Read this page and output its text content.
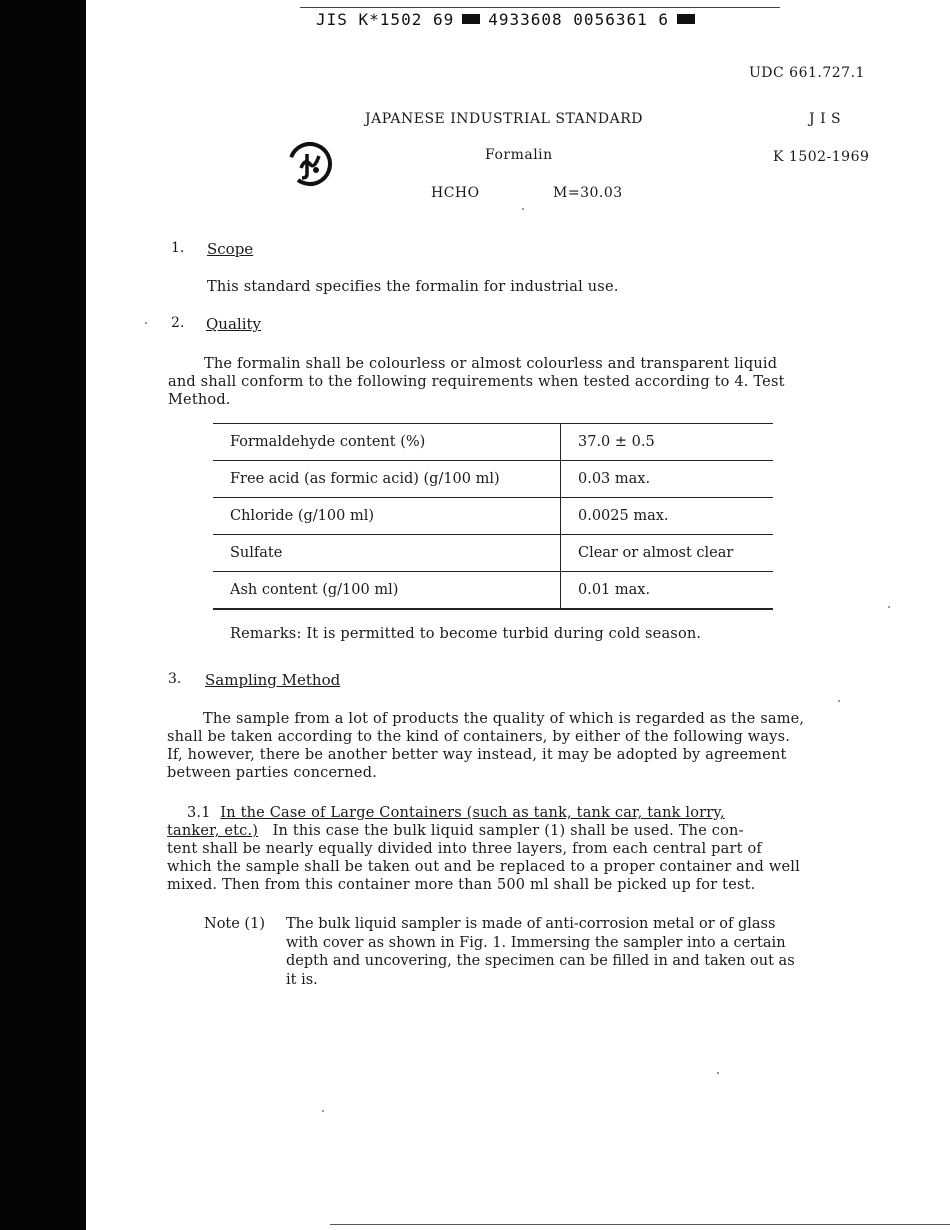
JIS K*1502 69 4933608 0056361 6
UDC 661.727.1
JAPANESE INDUSTRIAL STANDARD	J I S
Formalin	K 1502-1969
HCHO	M=30.03
1. Scope
This standard specifies the formalin for industrial use.
2. Quality

The formalin shall be colourless or almost colourless and transparent liquid

and shall conform to the following requirements when tested according to 4. Test

Method.

Formaldehyde content (%)	37.0 ± 0.5
Free acid (as formic acid) (g/100 ml)	0.03 max.
Chloride (g/100 ml)	0.0025 max.
Sulfate	Clear or almost clear
Ash content (g/100 ml)	0.01 max.
Remarks: It is permitted to become turbid during cold season.
3. Sampling Method

The sample from a lot of products the quality of which is regarded as the same,

shall be taken according to the kind of containers, by either of the following ways.

If, however, there be another better way instead, it may be adopted by agreement

between parties concerned.

3.1 In the Case of Large Containers (such as tank, tank car, tank lorry,

tanker, etc.) In this case the bulk liquid sampler (1) shall be used. The con-

tent shall be nearly equally divided into three layers, from each central part of

which the sample shall be taken out and be replaced to a proper container and well

mixed. Then from this container more than 500 ml shall be picked up for test.

Note (1) The bulk liquid sampler is made of anti-corrosion metal or of glass

with cover as shown in Fig. 1. Immersing the sampler into a certain

depth and uncovering, the specimen can be filled in and taken out as

it is.
